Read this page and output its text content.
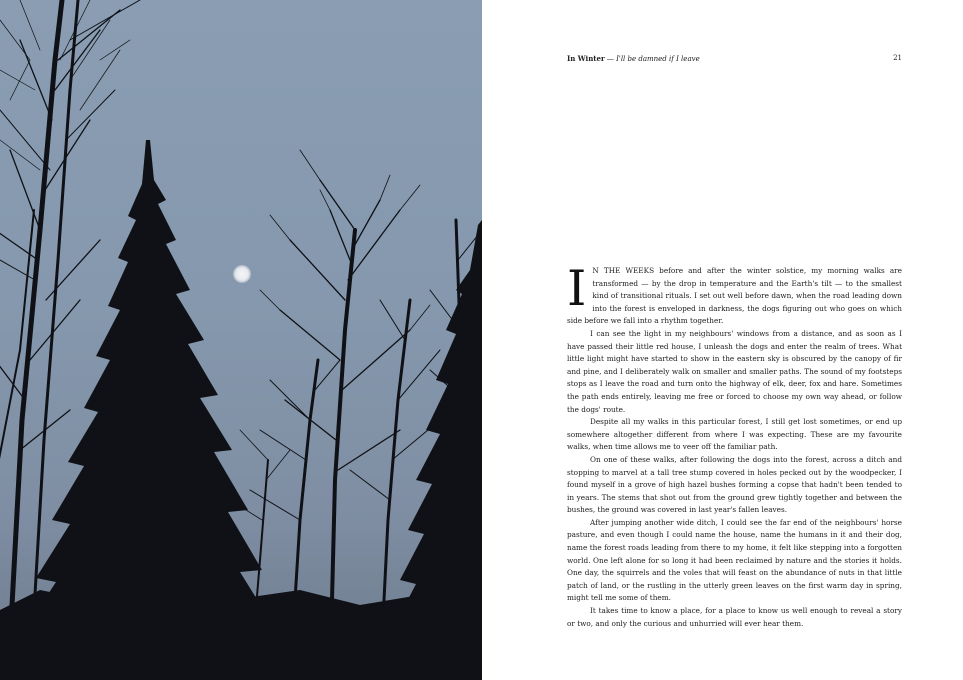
In Winter — I'll be damned if I leave	21

I N THE WEEKS before and after the winter solstice, my morning walks are transformed — by the drop in temperature and the Earth's tilt — to the smallest kind of transitional rituals. I set out well before dawn, when the road leading down into the forest is enveloped in darkness, the dogs figuring out who goes on which side before we fall into a rhythm together.

I can see the light in my neighbours' windows from a distance, and as soon as I have passed their little red house, I unleash the dogs and enter the realm of trees. What little light might have started to show in the eastern sky is obscured by the canopy of fir and pine, and I deliberately walk on smaller and smaller paths. The sound of my footsteps stops as I leave the road and turn onto the highway of elk, deer, fox and hare. Sometimes the path ends entirely, leaving me free or forced to choose my own way ahead, or follow the dogs' route.

Despite all my walks in this particular forest, I still get lost sometimes, or end up somewhere altogether different from where I was expecting. These are my favourite walks, when time allows me to veer off the familiar path.

On one of these walks, after following the dogs into the forest, across a ditch and stopping to marvel at a tall tree stump covered in holes pecked out by the woodpecker, I found myself in a grove of high hazel bushes forming a copse that hadn't been tended to in years. The stems that shot out from the ground grew tightly together and between the bushes, the ground was covered in last year's fallen leaves.

After jumping another wide ditch, I could see the far end of the neighbours' horse pasture, and even though I could name the house, name the humans in it and their dog, name the forest roads leading from there to my home, it felt like stepping into a forgotten world. One left alone for so long it had been reclaimed by nature and the stories it holds. One day, the squirrels and the voles that will feast on the abundance of nuts in that little patch of land, or the rustling in the utterly green leaves on the first warm day in spring, might tell me some of them.

It takes time to know a place, for a place to know us well enough to reveal a story or two, and only the curious and unhurried will ever hear them.
